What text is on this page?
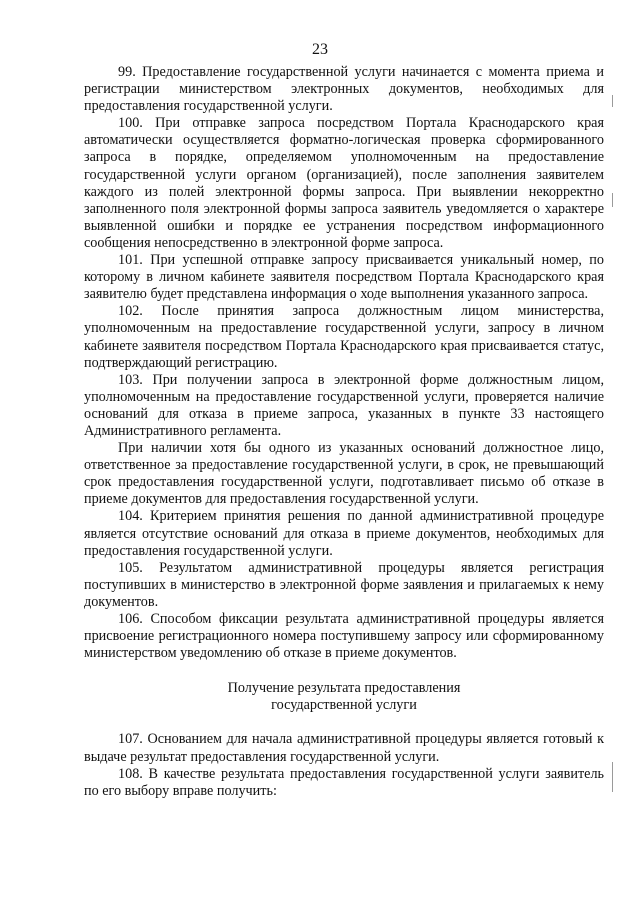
23

99. Предоставление государственной услуги начинается с момента приема и регистрации министерством электронных документов, необходимых для предоставления государственной услуги.

100. При отправке запроса посредством Портала Краснодарского края автоматически осуществляется форматно-логическая проверка сформированного запроса в порядке, определяемом уполномоченным на предоставление государственной услуги органом (организацией), после заполнения заявителем каждого из полей электронной формы запроса. При выявлении некорректно заполненного поля электронной формы запроса заявитель уведомляется о характере выявленной ошибки и порядке ее устранения посредством информационного сообщения непосредственно в электронной форме запроса.

101. При успешной отправке запросу присваивается уникальный номер, по которому в личном кабинете заявителя посредством Портала Краснодарского края заявителю будет представлена информация о ходе выполнения указанного запроса.

102. После принятия запроса должностным лицом министерства, уполномоченным на предоставление государственной услуги, запросу в личном кабинете заявителя посредством Портала Краснодарского края присваивается статус, подтверждающий регистрацию.

103. При получении запроса в электронной форме должностным лицом, уполномоченным на предоставление государственной услуги, проверяется наличие оснований для отказа в приеме запроса, указанных в пункте 33 настоящего Административного регламента.

При наличии хотя бы одного из указанных оснований должностное лицо, ответственное за предоставление государственной услуги, в срок, не превышающий срок предоставления государственной услуги, подготавливает письмо об отказе в приеме документов для предоставления государственной услуги.

104. Критерием принятия решения по данной административной процедуре является отсутствие оснований для отказа в приеме документов, необходимых для предоставления государственной услуги.

105. Результатом административной процедуры является регистрация поступивших в министерство в электронной форме заявления и прилагаемых к нему документов.

106. Способом фиксации результата административной процедуры является присвоение регистрационного номера поступившему запросу или сформированному министерством уведомлению об отказе в приеме документов.

Получение результата предоставления
государственной услуги

107. Основанием для начала административной процедуры является готовый к выдаче результат предоставления государственной услуги.

108. В качестве результата предоставления государственной услуги заявитель по его выбору вправе получить:
